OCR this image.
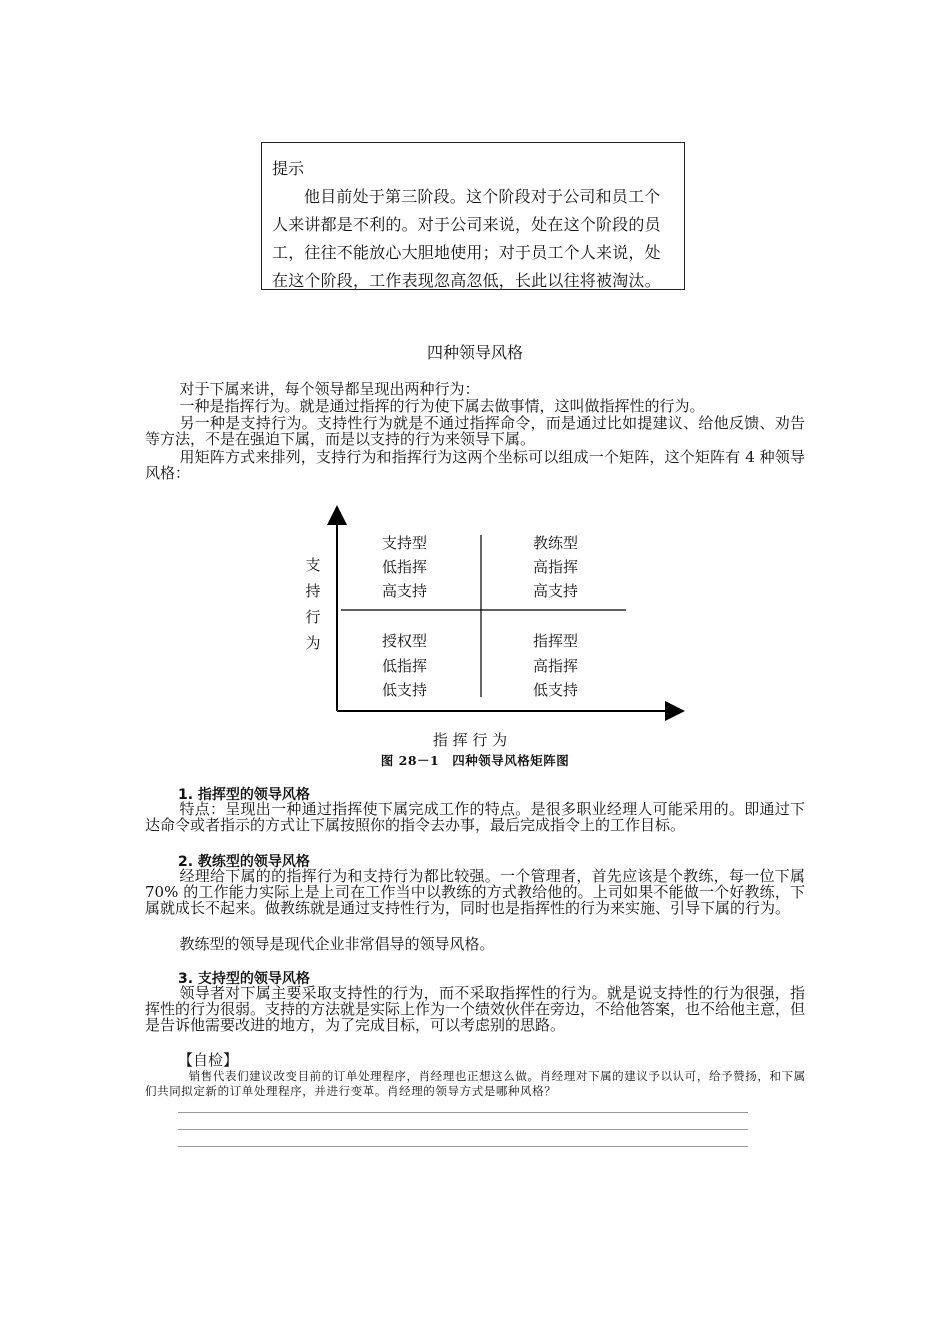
提示
他目前处于第三阶段。这个阶段对于公司和员工个人来讲都是不利的。对于公司来说，处在这个阶段的员工，往往不能放心大胆地使用；对于员工个人来说，处在这个阶段，工作表现忽高忽低，长此以往将被淘汰。
四种领导风格

对于下属来讲，每个领导都呈现出两种行为：

一种是指挥行为。就是通过指挥的行为使下属去做事情，这叫做指挥性的行为。

另一种是支持行为。支持性行为就是不通过指挥命令，而是通过比如提建议、给他反馈、劝告等方法，不是在强迫下属，而是以支持的行为来领导下属。

用矩阵方式来排列，支持行为和指挥行为这两个坐标可以组成一个矩阵，这个矩阵有 4 种领导风格：

支
持
行
为
支持型
低指挥
高支持
教练型
高指挥
高支持
授权型
低指挥
低支持
指挥型
高指挥
低支持
指 挥 行 为
图 28－1　四种领导风格矩阵图
1. 指挥型的领导风格

特点：呈现出一种通过指挥使下属完成工作的特点。是很多职业经理人可能采用的。即通过下达命令或者指示的方式让下属按照你的指令去办事，最后完成指令上的工作目标。

2. 教练型的领导风格

经理给下属的的指挥行为和支持行为都比较强。一个管理者，首先应该是个教练，每一位下属 70% 的工作能力实际上是上司在工作当中以教练的方式教给他的。上司如果不能做一个好教练，下属就成长不起来。做教练就是通过支持性行为，同时也是指挥性的行为来实施、引导下属的行为。

教练型的领导是现代企业非常倡导的领导风格。

3. 支持型的领导风格

领导者对下属主要采取支持性的行为，而不采取指挥性的行为。就是说支持性的行为很强，指挥性的行为很弱。支持的方法就是实际上作为一个绩效伙伴在旁边，不给他答案，也不给他主意，但是告诉他需要改进的地方，为了完成目标，可以考虑别的思路。

【自检】

销售代表们建议改变目前的订单处理程序，肖经理也正想这么做。肖经理对下属的建议予以认可，给予赞扬，和下属们共同拟定新的订单处理程序，并进行变革。肖经理的领导方式是哪种风格？
